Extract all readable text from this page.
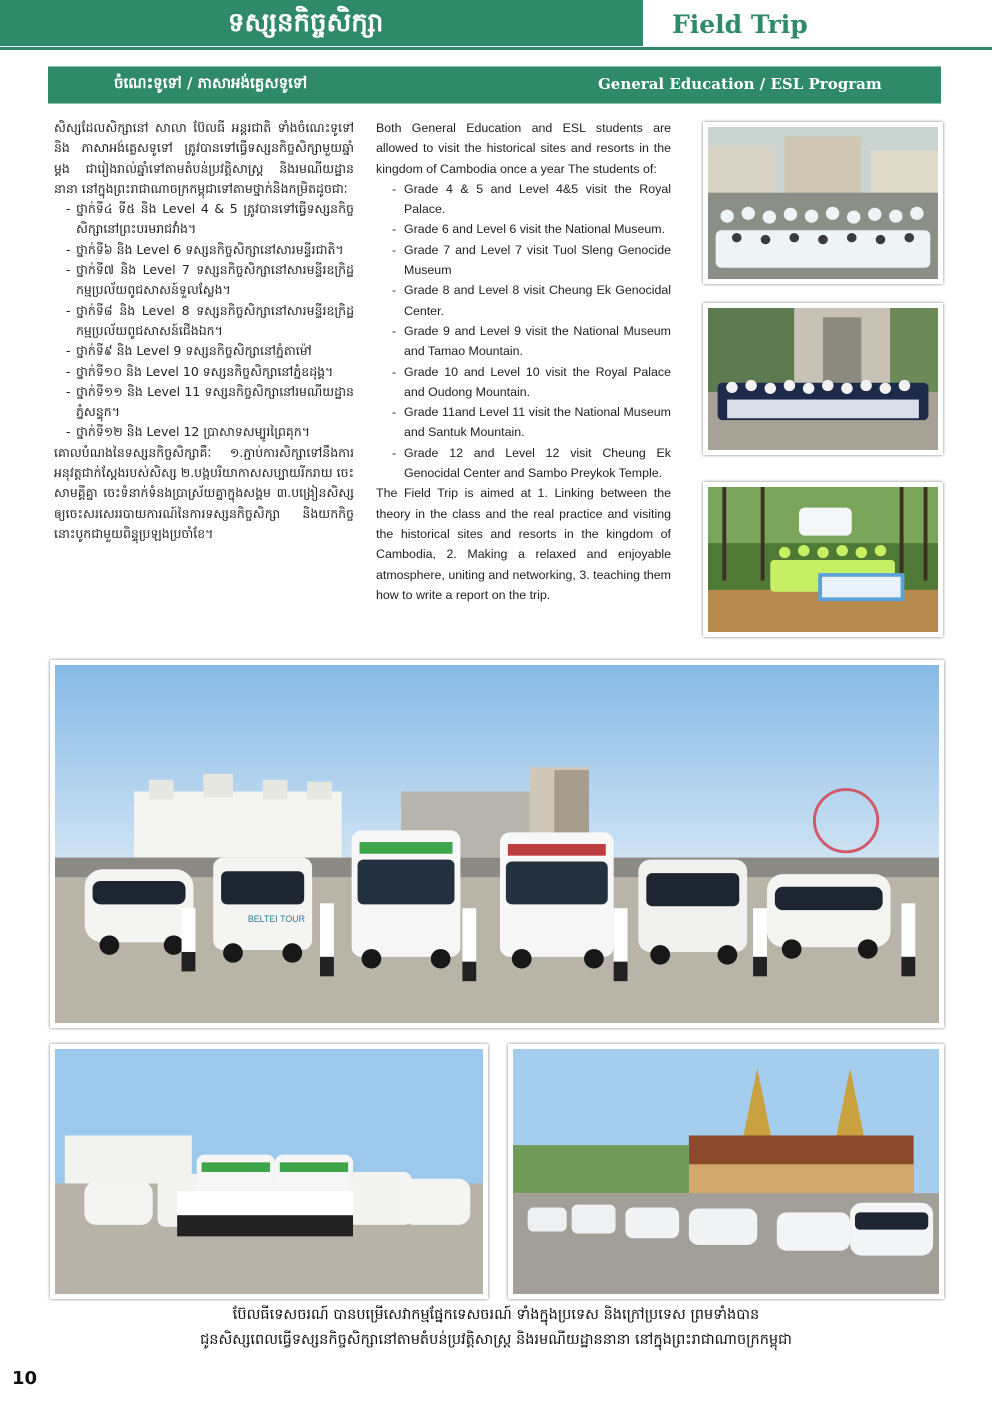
ទស្សនកិច្ចសិក្សា	Field Trip
ចំណេះទូទៅ / ភាសាអង់គ្លេសទូទៅ	General Education / ESL Program

សិស្សដែលសិក្សានៅ សាលា ប៊ែលធី អន្តរជាតិ ទាំងចំណេះទូទៅ និង ភាសាអង់គ្លេសទូទៅ ត្រូវបានទៅធ្វើទស្សនកិច្ចសិក្សាមួយឆ្នាំម្តង ជារៀងរាល់ឆ្នាំទៅតាមតំបន់ប្រវត្តិសាស្ត្រ និងរមណីយដ្ឋាននានា នៅក្នុងព្រះរាជាណាចក្រកម្ពុជាទៅតាមថ្នាក់និងកម្រិតដូចជាៈ

- ថ្នាក់ទី៤ ទី៥ និង Level 4 & 5 ត្រូវបានទៅធ្វើទស្សនកិច្ចសិក្សានៅព្រះបរមរាជវាំង។
- ថ្នាក់ទី៦ និង Level 6 ទស្សនកិច្ចសិក្សានៅសារមន្ទីរជាតិ។
- ថ្នាក់ទី៧ និង Level 7 ទស្សនកិច្ចសិក្សានៅសារមន្ទីរឧក្រិដ្ឋកម្មប្រល័យពូជសាសន៍ទួលស្លែង។
- ថ្នាក់ទី៨ និង Level 8 ទស្សនកិច្ចសិក្សានៅសារមន្ទីរឧក្រិដ្ឋកម្មប្រល័យពូជសាសន៍ជើងឯក។
- ថ្នាក់ទី៩ និង Level 9 ទស្សនកិច្ចសិក្សានៅភ្នំតាម៉ៅ
- ថ្នាក់ទី១០ និង Level 10 ទស្សនកិច្ចសិក្សានៅភ្នំឧដុង្គ។
- ថ្នាក់ទី១១ និង Level 11 ទស្សនកិច្ចសិក្សានៅរមណីយដ្ឋានភ្នំសន្ទុក។
- ថ្នាក់ទី១២ និង Level 12 ប្រាសាទសម្បូរព្រៃគុក។

គោលបំណងនៃទស្សនកិច្ចសិក្សាគឺៈ ១.ភ្ជាប់ការសិក្សាទៅនឹងការអនុវត្តជាក់ស្តែងរបស់សិស្ស ២.បង្កបរិយាកាសសប្បាយរីករាយ ចេះសាមគ្គីគ្នា ចេះទំនាក់ទំនងប្រាស្រ័យគ្នាក្នុងសង្គម ៣.បង្រៀនសិស្សឲ្យចេះសរសេររបាយការណ៍នៃការទស្សនកិច្ចសិក្សា និងយកកិច្ចនោះបូកជាមួយពិន្ទុប្រឡងប្រចាំខែ។

Both General Education and ESL students are allowed to visit the historical sites and resorts in the kingdom of Cambodia once a year The students of:

- Grade 4 & 5 and Level 4&5 visit the Royal Palace.
- Grade 6 and Level 6 visit the National Museum.
- Grade 7 and Level 7 visit Tuol Sleng Genocide Museum
- Grade 8 and Level 8 visit Cheung Ek Genocidal Center.
- Grade 9 and Level 9 visit the National Museum and Tamao Mountain.
- Grade 10 and Level 10 visit the Royal Palace and Oudong Mountain.
- Grade 11and Level 11 visit the National Museum and Santuk Mountain.
- Grade 12 and Level 12 visit Cheung Ek Genocidal Center and Sambo Preykok Temple.

The Field Trip is aimed at 1. Linking between the theory in the class and the real practice and visiting the historical sites and resorts in the kingdom of Cambodia, 2. Making a relaxed and enjoyable atmosphere, uniting and networking, 3. teaching them how to write a report on the trip.

BELTEI TOUR
ប៊ែលធីទេសចរណ៍ បានបម្រើសេវាកម្មផ្នែកទេសចរណ៍ ទាំងក្នុងប្រទេស និងក្រៅប្រទេស ព្រមទាំងបាន
ជូនសិស្សពេលធ្វើទស្សនកិច្ចសិក្សានៅតាមតំបន់ប្រវត្តិសាស្ត្រ និងរមណីយដ្ឋាននានា នៅក្នុងព្រះរាជាណាចក្រកម្ពុជា
10
